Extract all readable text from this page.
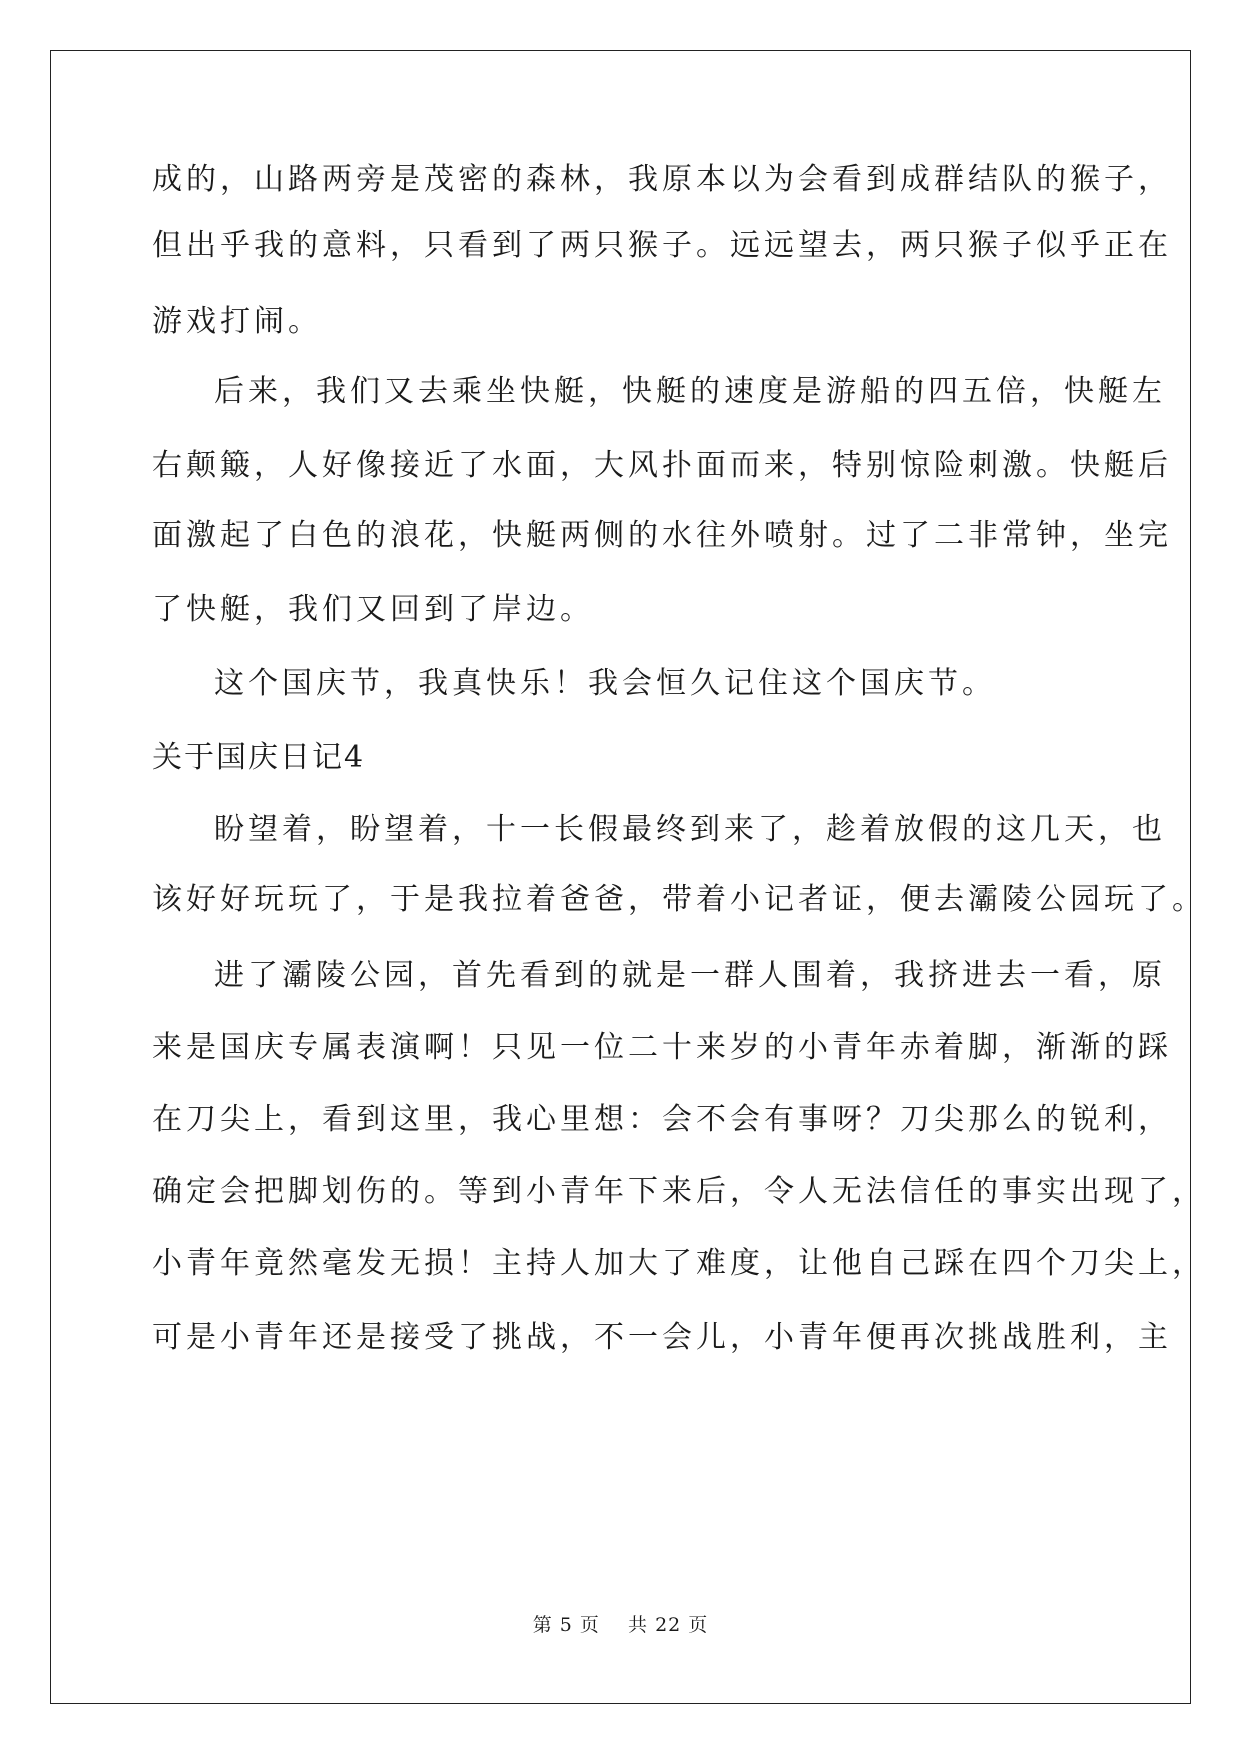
成的，山路两旁是茂密的森林，我原本以为会看到成群结队的猴子，

但出乎我的意料，只看到了两只猴子。远远望去，两只猴子似乎正在

游戏打闹。

后来，我们又去乘坐快艇，快艇的速度是游船的四五倍，快艇左

右颠簸，人好像接近了水面，大风扑面而来，特别惊险刺激。快艇后

面激起了白色的浪花，快艇两侧的水往外喷射。过了二非常钟，坐完

了快艇，我们又回到了岸边。

这个国庆节，我真快乐！我会恒久记住这个国庆节。

关于国庆日记4

盼望着，盼望着，十一长假最终到来了，趁着放假的这几天，也

该好好玩玩了，于是我拉着爸爸，带着小记者证，便去灞陵公园玩了。

进了灞陵公园，首先看到的就是一群人围着，我挤进去一看，原

来是国庆专属表演啊！只见一位二十来岁的小青年赤着脚，渐渐的踩

在刀尖上，看到这里，我心里想：会不会有事呀？刀尖那么的锐利，

确定会把脚划伤的。等到小青年下来后，令人无法信任的事实出现了，

小青年竟然毫发无损！主持人加大了难度，让他自己踩在四个刀尖上，

可是小青年还是接受了挑战，不一会儿，小青年便再次挑战胜利，主

第 5 页    共 22 页
